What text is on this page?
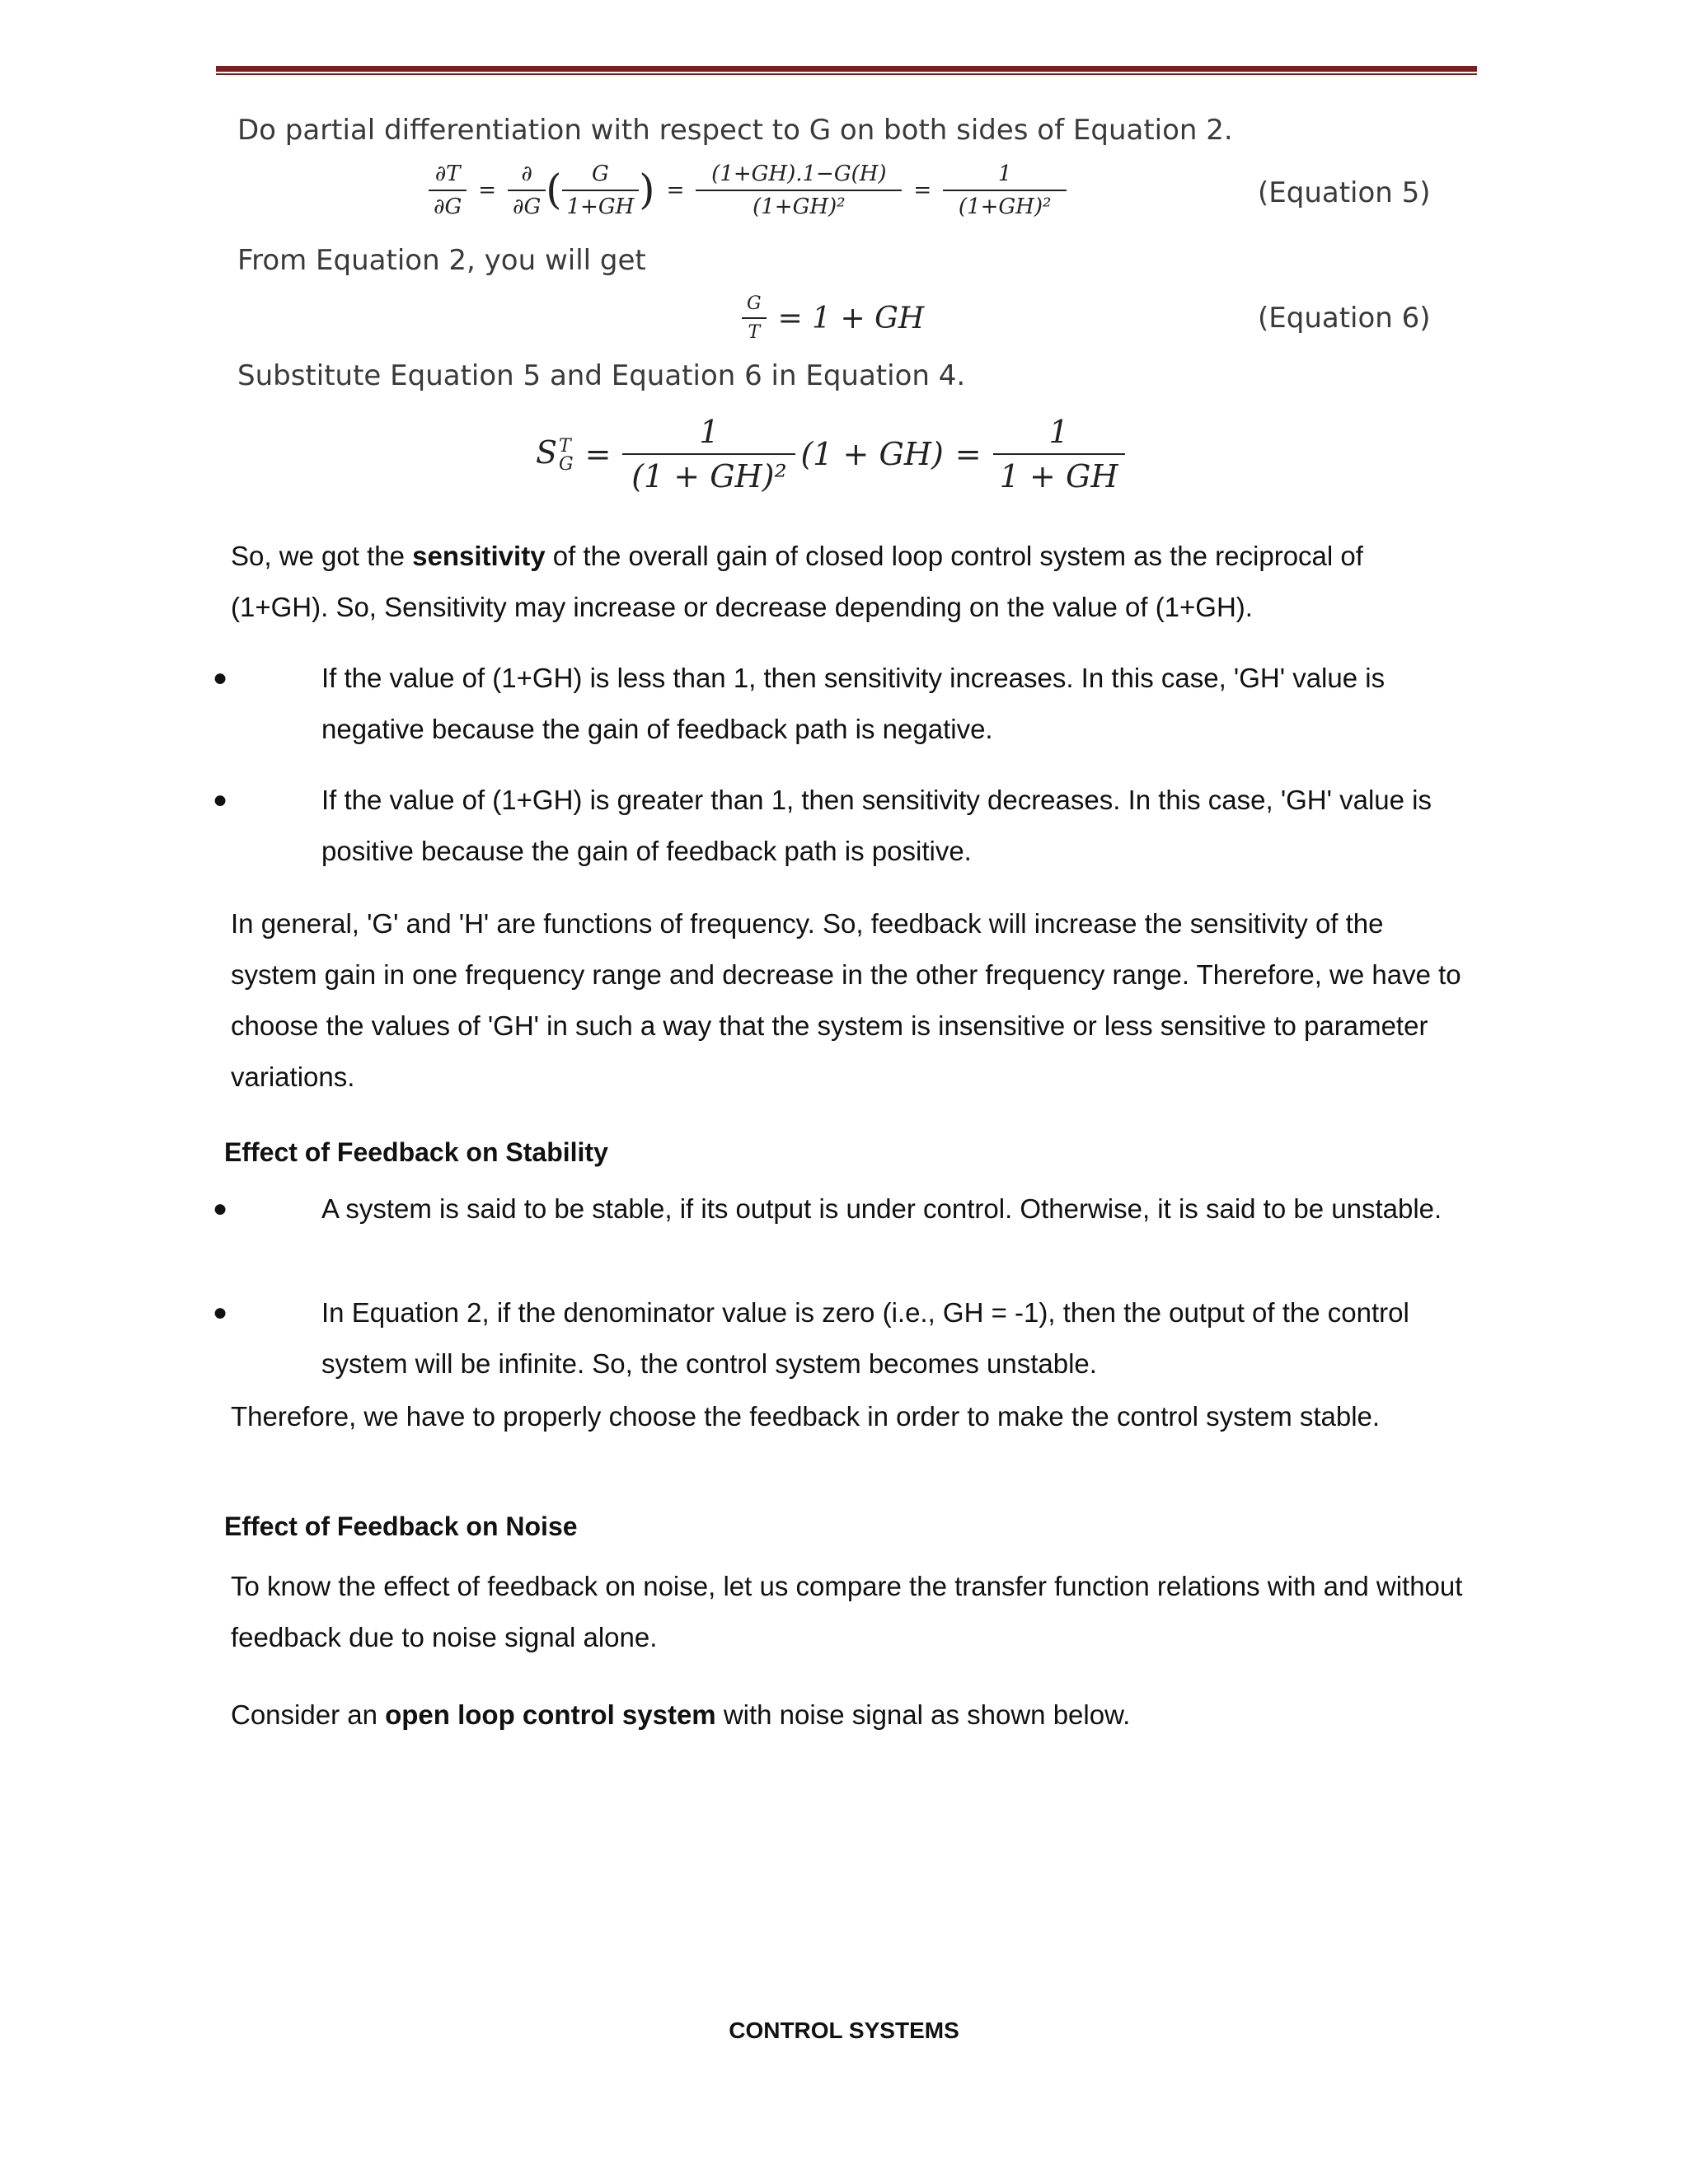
Do partial differentiation with respect to G on both sides of Equation 2.
$\frac{\partial T}{\partial G} = \frac{\partial}{\partial G}$ ( $\frac{G}{1+GH}$ ) = $\frac{(1+GH).1-G(H)}{\text{(1+GH)²}} = \frac{1}{\text{(1+GH)²}}$	(Equation 5)
From Equation 2, you will get
$\frac{G}{T} = 1$ + GH	(Equation 6)
Substitute Equation 5 and Equation 6 in Equation 4.
S T
$G = \frac{1}{\text{(1 + GH)²}} (1 + GH) = \frac{1}{1 + GH}$
So, we got the sensitivity of the overall gain of closed loop control system as the reciprocal of (1+GH). So, Sensitivity may increase or decrease depending on the value of (1+GH).
●	If the value of (1+GH) is less than 1, then sensitivity increases. In this case, 'GH' value is negative because the gain of feedback path is negative.
●	If the value of (1+GH) is greater than 1, then sensitivity decreases. In this case, 'GH' value is positive because the gain of feedback path is positive.
In general, 'G' and 'H' are functions of frequency. So, feedback will increase the sensitivity of the system gain in one frequency range and decrease in the other frequency range. Therefore, we have to choose the values of 'GH' in such a way that the system is insensitive or less sensitive to parameter variations.
Effect of Feedback on Stability
●	A system is said to be stable, if its output is under control. Otherwise, it is said to be unstable.
●	In Equation 2, if the denominator value is zero (i.e., GH = -1), then the output of the control system will be infinite. So, the control system becomes unstable.
Therefore, we have to properly choose the feedback in order to make the control system stable.
Effect of Feedback on Noise
To know the effect of feedback on noise, let us compare the transfer function relations with and without feedback due to noise signal alone.
Consider an open loop control system with noise signal as shown below.
CONTROL SYSTEMS
